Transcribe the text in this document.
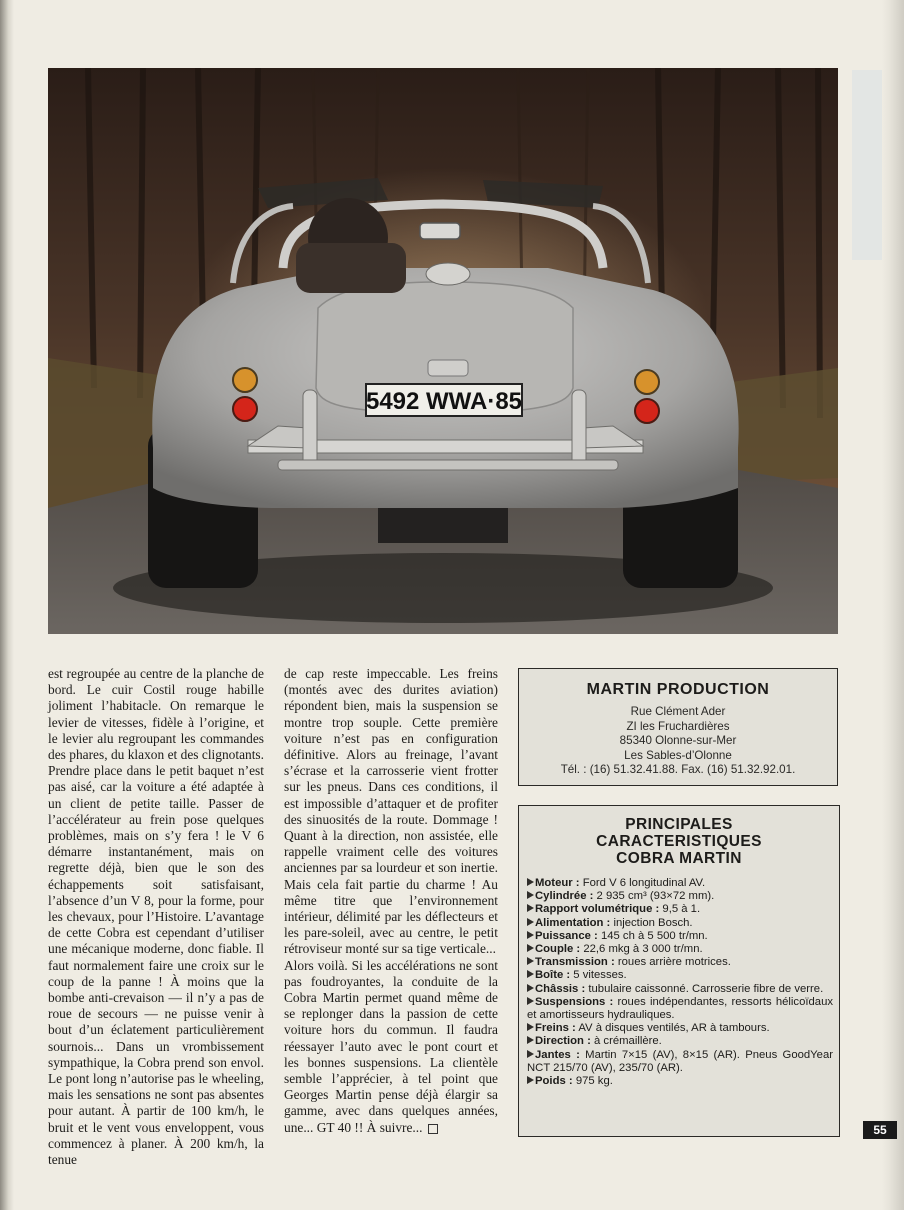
5492 WWA·85

est regroupée au centre de la planche de bord. Le cuir Costil rouge habille joliment l’habitacle. On remarque le levier de vitesses, fidèle à l’origine, et le levier alu regroupant les commandes des phares, du klaxon et des clignotants. Prendre place dans le petit baquet n’est pas aisé, car la voiture a été adaptée à un client de petite taille. Passer de l’accélérateur au frein pose quelques problèmes, mais on s’y fera ! le V 6 démarre instantanément, mais on regrette déjà, bien que le son des échappements soit satisfaisant, l’absence d’un V 8, pour la forme, pour les chevaux, pour l’Histoire. L’avantage de cette Cobra est cependant d’utiliser une mécanique moderne, donc fiable. Il faut normalement faire une croix sur le coup de la panne ! À moins que la bombe anti-crevaison — il n’y a pas de roue de secours — ne puisse venir à bout d’un éclatement particulièrement sournois... Dans un vrombissement sympathique, la Cobra prend son envol. Le pont long n’autorise pas le wheeling, mais les sensations ne sont pas absentes pour autant. À partir de 100 km/h, le bruit et le vent vous enveloppent, vous commencez à planer. À 200 km/h, la tenue

de cap reste impeccable. Les freins (montés avec des durites aviation) répondent bien, mais la suspension se montre trop souple. Cette première voiture n’est pas en configuration définitive. Alors au freinage, l’avant s’écrase et la carrosserie vient frotter sur les pneus. Dans ces conditions, il est impossible d’attaquer et de profiter des sinuosités de la route. Dommage ! Quant à la direction, non assistée, elle rappelle vraiment celle des voitures anciennes par sa lourdeur et son inertie. Mais cela fait partie du charme ! Au même titre que l’environnement intérieur, délimité par les déflecteurs et les pare-soleil, avec au centre, le petit rétroviseur monté sur sa tige verticale...

Alors voilà. Si les accélérations ne sont pas foudroyantes, la conduite de la Cobra Martin permet quand même de se replonger dans la passion de cette voiture hors du commun. Il faudra réessayer l’auto avec le pont court et les bonnes suspensions. La clientèle semble l’apprécier, à tel point que Georges Martin pense déjà élargir sa gamme, avec dans quelques années, une... GT 40 !! À suivre...

MARTIN PRODUCTION
Rue Clément Ader
ZI les Fruchardières
85340 Olonne-sur-Mer
Les Sables-d’Olonne
Tél. : (16) 51.32.41.88. Fax. (16) 51.32.92.01.
PRINCIPALES
CARACTERISTIQUES
COBRA MARTIN
Moteur : Ford V 6 longitudinal AV.
Cylindrée : 2 935 cm³ (93×72 mm).
Rapport volumétrique : 9,5 à 1.
Alimentation : injection Bosch.
Puissance : 145 ch à 5 500 tr/mn.
Couple : 22,6 mkg à 3 000 tr/mn.
Transmission : roues arrière motrices.
Boîte : 5 vitesses.
Châssis : tubulaire caissonné. Carrosserie fibre de verre.
Suspensions : roues indépendantes, ressorts hélicoïdaux et amortisseurs hydrauliques.
Freins : AV à disques ventilés, AR à tambours.
Direction : à crémaillère.
Jantes : Martin 7×15 (AV), 8×15 (AR). Pneus GoodYear NCT 215/70 (AV), 235/70 (AR).
Poids : 975 kg.
55
